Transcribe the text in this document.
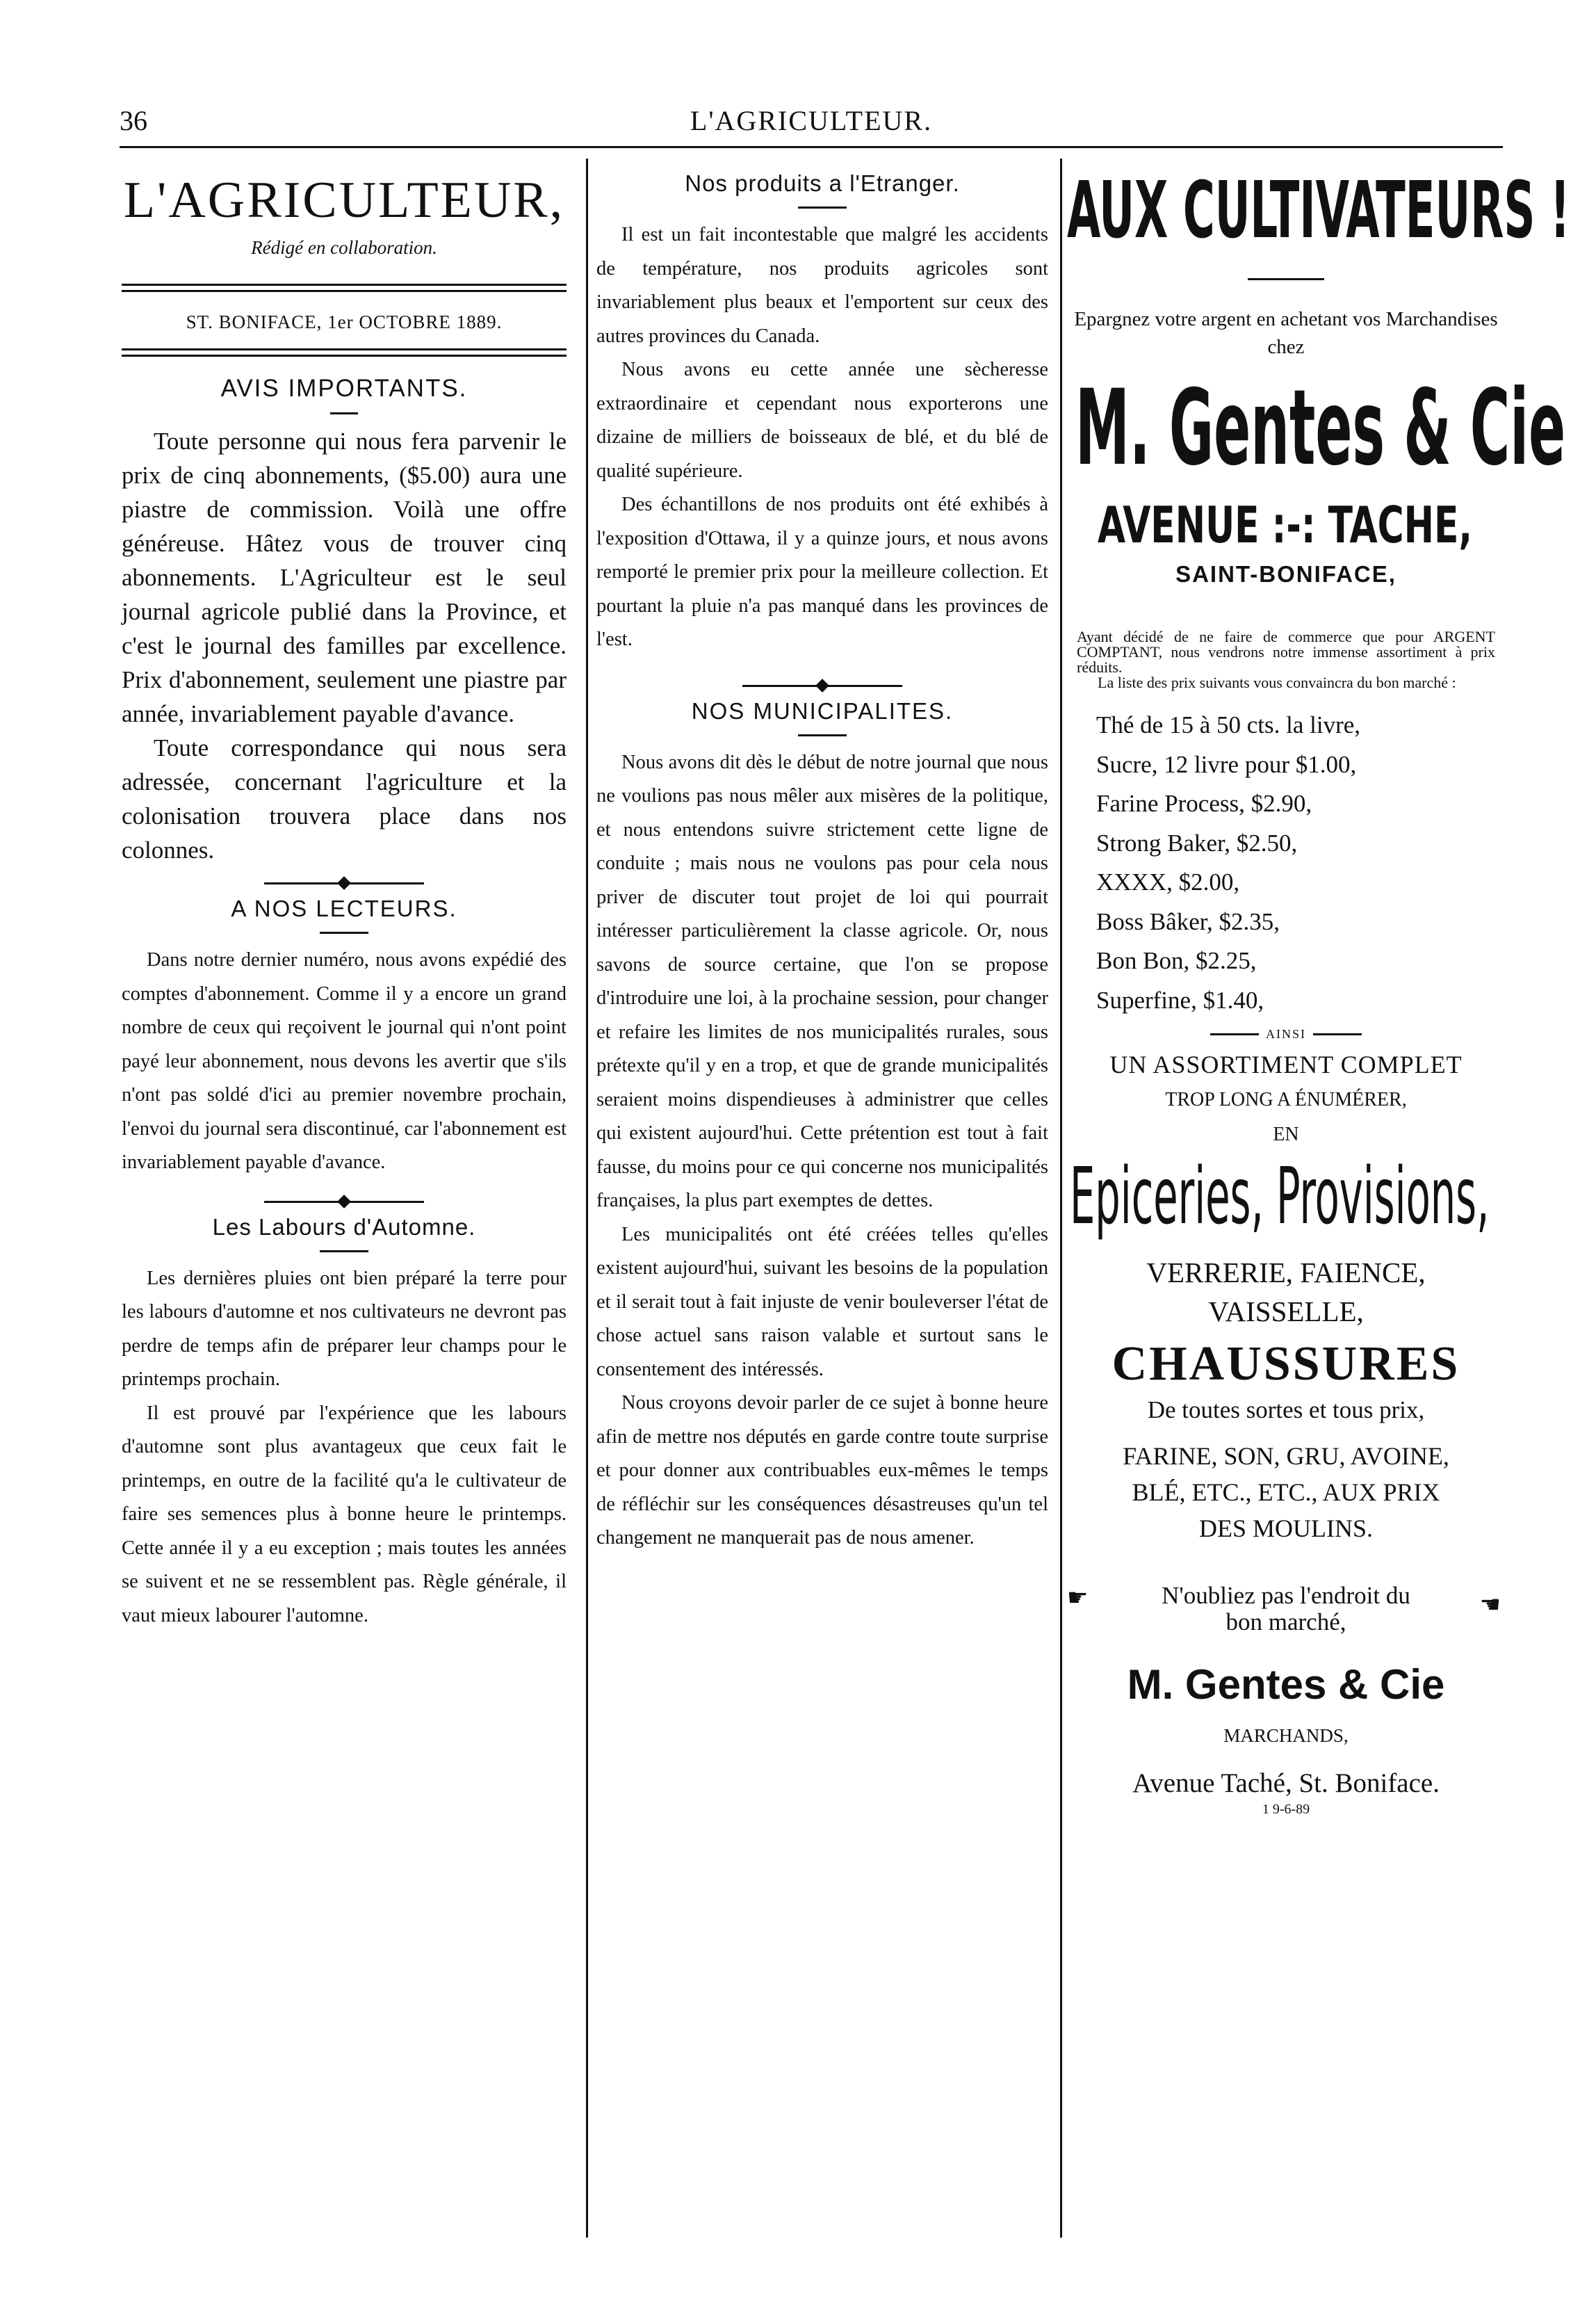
36	L'AGRICULTEUR.
L'AGRICULTEUR,
Rédigé en collaboration.
ST. BONIFACE, 1er OCTOBRE 1889.
AVIS IMPORTANTS.

Toute personne qui nous fera parvenir le prix de cinq abonnements, ($5.00) aura une piastre de commission. Voilà une offre généreuse. Hâtez vous de trouver cinq abonnements. L'Agriculteur est le seul journal agricole publié dans la Province, et c'est le journal des familles par excellence. Prix d'abonnement, seulement une piastre par année, invariablement payable d'avance.

Toute correspondance qui nous sera adressée, concernant l'agriculture et la colonisation trouvera place dans nos colonnes.

A NOS LECTEURS.

Dans notre dernier numéro, nous avons expédié des comptes d'abonnement. Comme il y a encore un grand nombre de ceux qui reçoivent le journal qui n'ont point payé leur abonnement, nous devons les avertir que s'ils n'ont pas soldé d'ici au premier novembre prochain, l'envoi du journal sera discontinué, car l'abonnement est invariablement payable d'avance.

Les Labours d'Automne.

Les dernières pluies ont bien préparé la terre pour les labours d'automne et nos cultivateurs ne devront pas perdre de temps afin de préparer leur champs pour le printemps prochain.

Il est prouvé par l'expérience que les labours d'automne sont plus avantageux que ceux fait le printemps, en outre de la facilité qu'a le cultivateur de faire ses semences plus à bonne heure le printemps. Cette année il y a eu exception ; mais toutes les années se suivent et ne se ressemblent pas. Règle générale, il vaut mieux labourer l'automne.

Nos produits a l'Etranger.

Il est un fait incontestable que malgré les accidents de température, nos produits agricoles sont invariablement plus beaux et l'emportent sur ceux des autres provinces du Canada.

Nous avons eu cette année une sècheresse extraordinaire et cependant nous exporterons une dizaine de milliers de boisseaux de blé, et du blé de qualité supérieure.

Des échantillons de nos produits ont été exhibés à l'exposition d'Ottawa, il y a quinze jours, et nous avons remporté le premier prix pour la meilleure collection. Et pourtant la pluie n'a pas manqué dans les provinces de l'est.

NOS MUNICIPALITES.

Nous avons dit dès le début de notre journal que nous ne voulions pas nous mêler aux misères de la politique, et nous entendons suivre strictement cette ligne de conduite ; mais nous ne voulons pas pour cela nous priver de discuter tout projet de loi qui pourrait intéresser particulièrement la classe agricole. Or, nous savons de source certaine, que l'on se propose d'introduire une loi, à la prochaine session, pour changer et refaire les limites de nos municipalités rurales, sous prétexte qu'il y en a trop, et que de grande municipalités seraient moins dispendieuses à administrer que celles qui existent aujourd'hui. Cette prétention est tout à fait fausse, du moins pour ce qui concerne nos municipalités françaises, la plus part exemptes de dettes.

Les municipalités ont été créées telles qu'elles existent aujourd'hui, suivant les besoins de la population et il serait tout à fait injuste de venir bouleverser l'état de chose actuel sans raison valable et surtout sans le consentement des intéressés.

Nous croyons devoir parler de ce sujet à bonne heure afin de mettre nos députés en garde contre toute surprise et pour donner aux contribuables eux-mêmes le temps de réfléchir sur les conséquences désastreuses qu'un tel changement ne manquerait pas de nous amener.

AUX CULTIVATEURS !
Epargnez votre argent en achetant vos Marchandises chez
M. Gentes & Cie
AVENUE :-: TACHE,
SAINT-BONIFACE,
Ayant décidé de ne faire de commerce que pour ARGENT COMPTANT, nous vendrons notre immense assortiment à prix réduits.
La liste des prix suivants vous convaincra du bon marché :
Thé de 15 à 50 cts. la livre,
Sucre, 12 livre pour $1.00,
Farine Process, $2.90,
Strong Baker, $2.50,
XXXX, $2.00,
Boss Bâker, $2.35,
Bon Bon, $2.25,
Superfine, $1.40,
AINSI
UN ASSORTIMENT COMPLET
TROP LONG A ÉNUMÉRER,
EN
Epiceries, Provisions,
VERRERIE, FAIENCE,
VAISSELLE,
CHAUSSURES
De toutes sortes et tous prix,
FARINE, SON, GRU, AVOINE,
BLÉ, ETC., ETC., AUX PRIX
DES MOULINS.
☛	☚
N'oubliez pas l'endroit du
bon marché,
M. Gentes & Cie
MARCHANDS,
Avenue Taché, St. Boniface.
1 9-6-89
